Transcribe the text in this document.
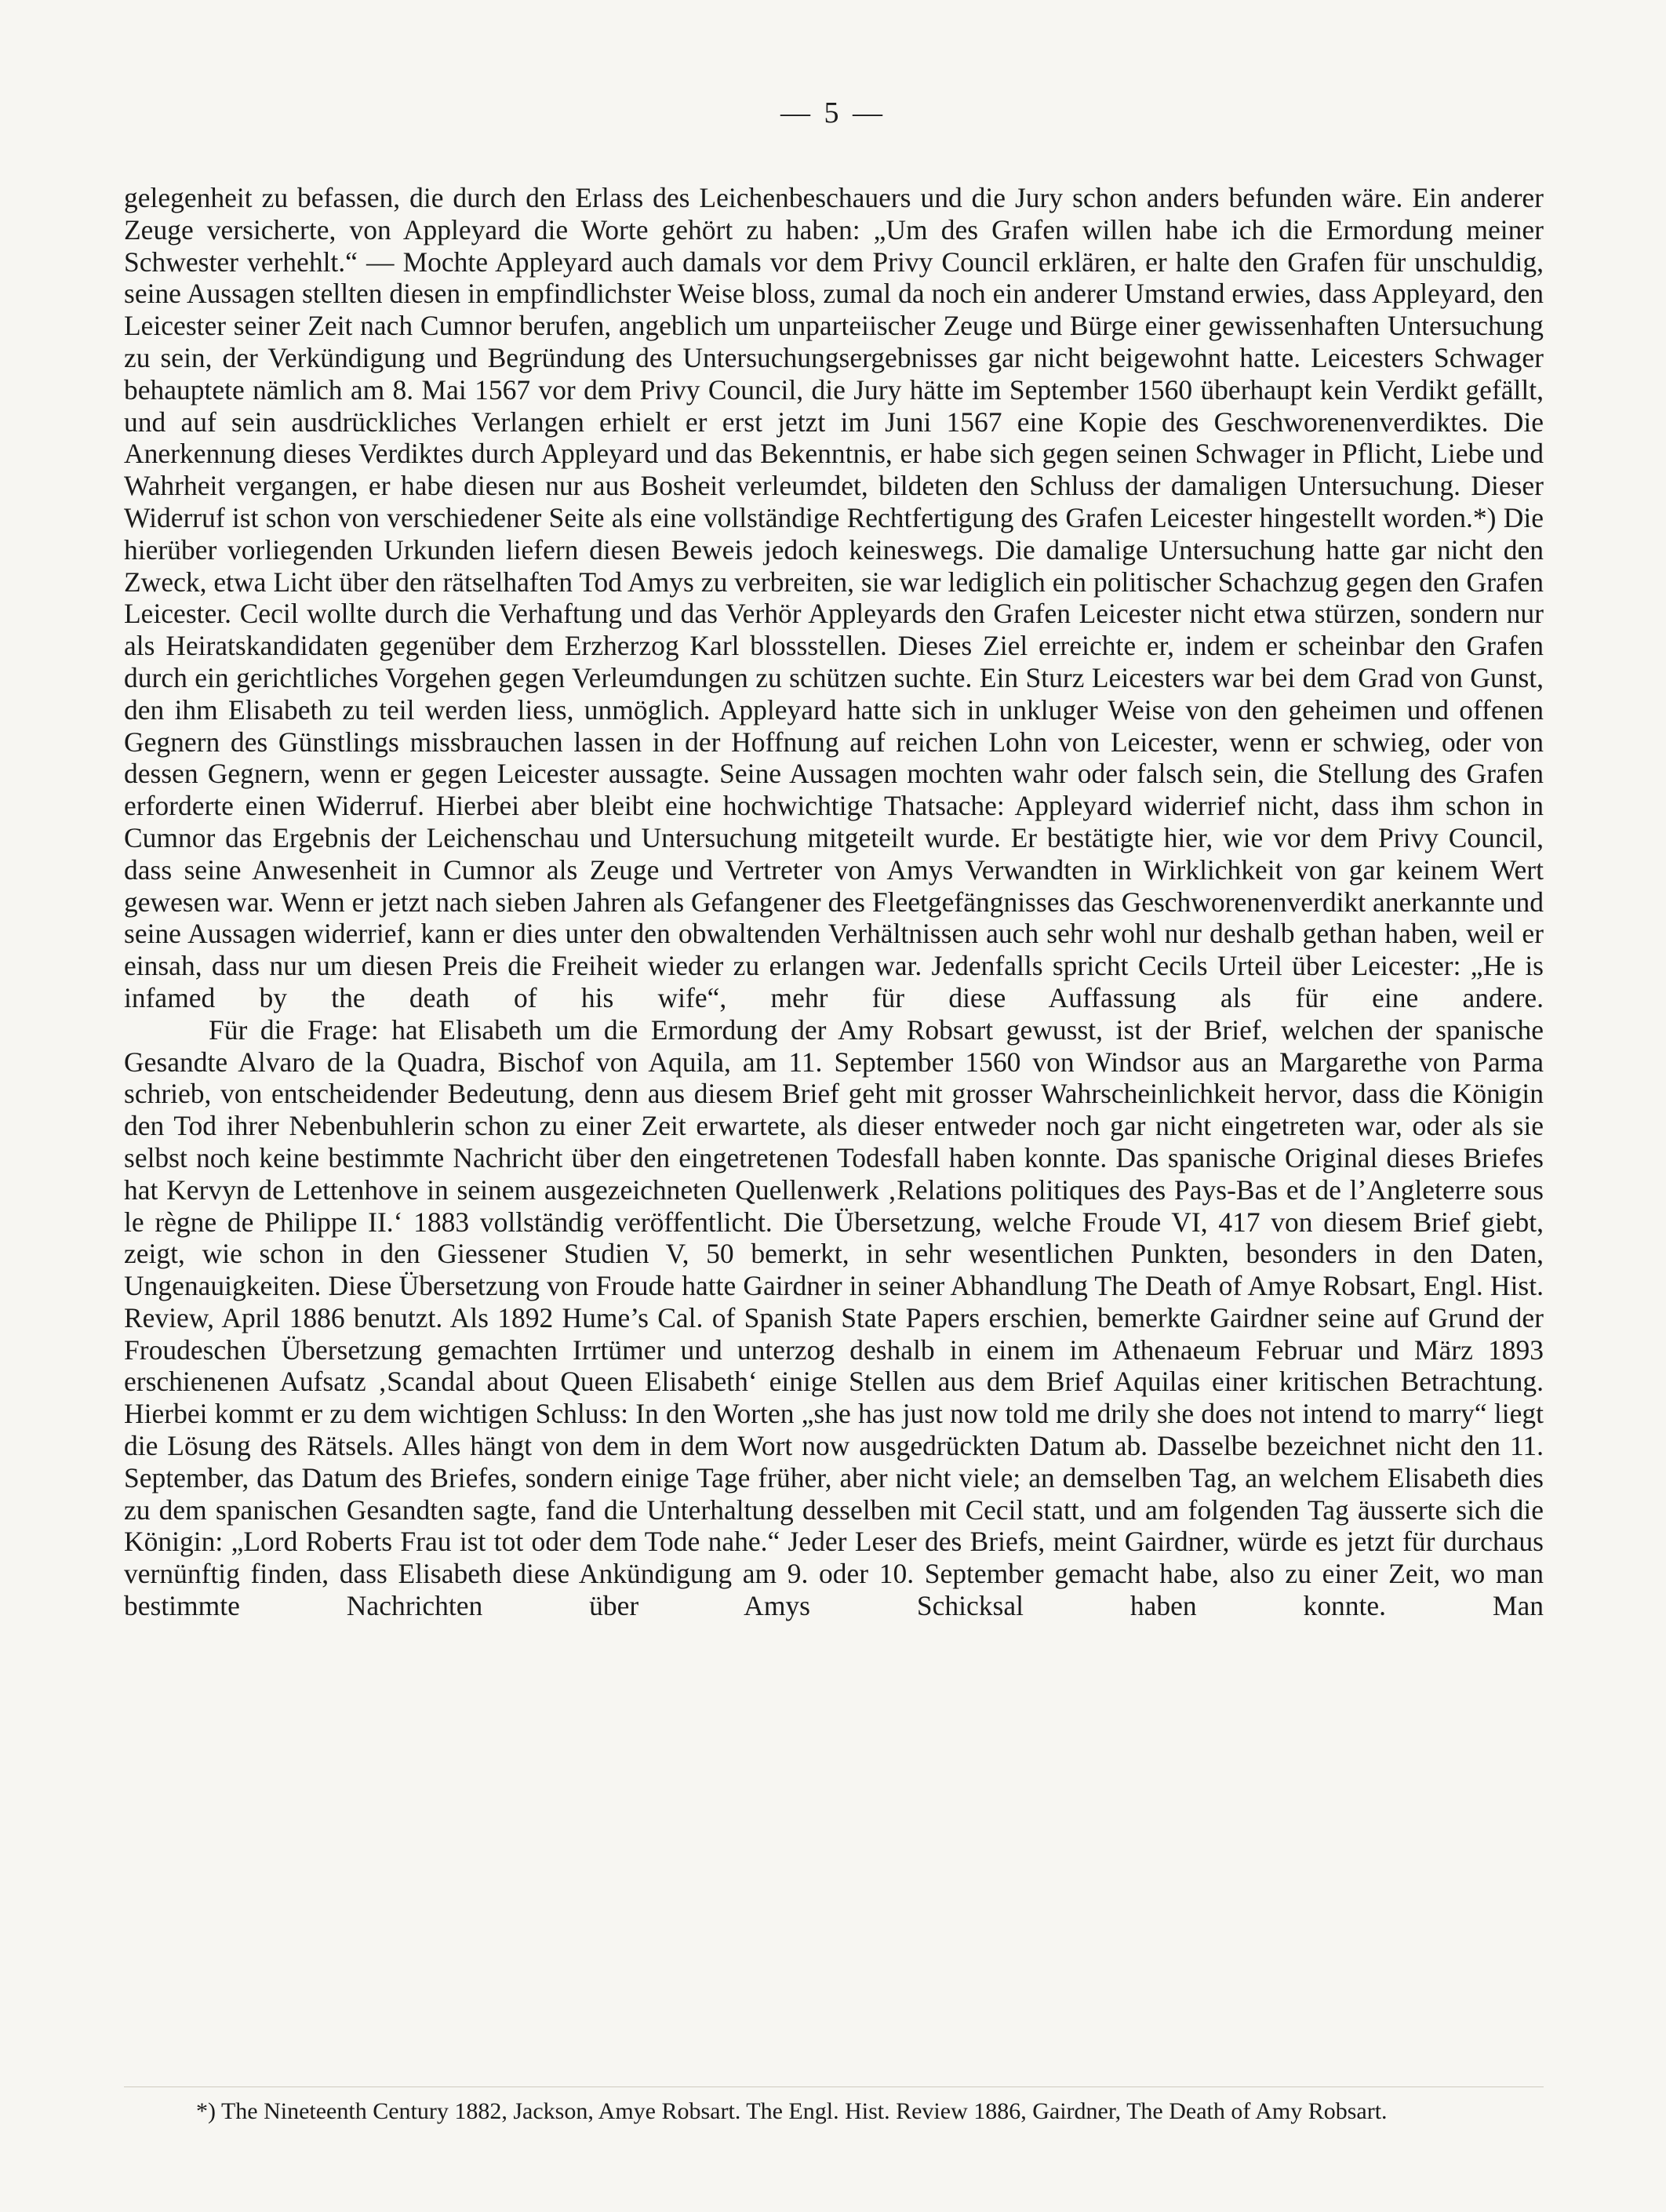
— 5 —

gelegenheit zu befassen, die durch den Erlass des Leichenbeschauers und die Jury schon anders befunden wäre. Ein anderer Zeuge versicherte, von Appleyard die Worte gehört zu haben: „Um des Grafen willen habe ich die Ermordung meiner Schwester verhehlt.“ — Mochte Appleyard auch damals vor dem Privy Council erklären, er halte den Grafen für unschuldig, seine Aussagen stellten diesen in empfindlichster Weise bloss, zumal da noch ein anderer Umstand erwies, dass Appleyard, den Leicester seiner Zeit nach Cumnor berufen, angeblich um unparteiischer Zeuge und Bürge einer gewissenhaften Untersuchung zu sein, der Verkündigung und Begründung des Untersuchungsergebnisses gar nicht beigewohnt hatte. Leicesters Schwager behauptete nämlich am 8. Mai 1567 vor dem Privy Council, die Jury hätte im September 1560 überhaupt kein Verdikt gefällt, und auf sein ausdrückliches Verlangen erhielt er erst jetzt im Juni 1567 eine Kopie des Geschworenenverdiktes. Die Anerkennung dieses Verdiktes durch Appleyard und das Bekenntnis, er habe sich gegen seinen Schwager in Pflicht, Liebe und Wahrheit vergangen, er habe diesen nur aus Bosheit verleumdet, bildeten den Schluss der damaligen Untersuchung. Dieser Widerruf ist schon von verschiedener Seite als eine vollständige Rechtfertigung des Grafen Leicester hingestellt worden.*) Die hierüber vorliegenden Urkunden liefern diesen Beweis jedoch keineswegs. Die damalige Untersuchung hatte gar nicht den Zweck, etwa Licht über den rätselhaften Tod Amys zu verbreiten, sie war lediglich ein politischer Schachzug gegen den Grafen Leicester. Cecil wollte durch die Verhaftung und das Verhör Appleyards den Grafen Leicester nicht etwa stürzen, sondern nur als Heiratskandidaten gegenüber dem Erzherzog Karl blossstellen. Dieses Ziel erreichte er, indem er scheinbar den Grafen durch ein gerichtliches Vorgehen gegen Verleumdungen zu schützen suchte. Ein Sturz Leicesters war bei dem Grad von Gunst, den ihm Elisabeth zu teil werden liess, unmöglich. Appleyard hatte sich in unkluger Weise von den geheimen und offenen Gegnern des Günstlings missbrauchen lassen in der Hoffnung auf reichen Lohn von Leicester, wenn er schwieg, oder von dessen Gegnern, wenn er gegen Leicester aussagte. Seine Aussagen mochten wahr oder falsch sein, die Stellung des Grafen erforderte einen Widerruf. Hierbei aber bleibt eine hochwichtige Thatsache: Appleyard widerrief nicht, dass ihm schon in Cumnor das Ergebnis der Leichenschau und Untersuchung mitgeteilt wurde. Er bestätigte hier, wie vor dem Privy Council, dass seine Anwesenheit in Cumnor als Zeuge und Vertreter von Amys Verwandten in Wirklichkeit von gar keinem Wert gewesen war. Wenn er jetzt nach sieben Jahren als Gefangener des Fleetgefängnisses das Geschworenenverdikt anerkannte und seine Aussagen widerrief, kann er dies unter den obwaltenden Verhältnissen auch sehr wohl nur deshalb gethan haben, weil er einsah, dass nur um diesen Preis die Freiheit wieder zu erlangen war. Jedenfalls spricht Cecils Urteil über Leicester: „He is infamed by the death of his wife“, mehr für diese Auffassung als für eine andere.

Für die Frage: hat Elisabeth um die Ermordung der Amy Robsart gewusst, ist der Brief, welchen der spanische Gesandte Alvaro de la Quadra, Bischof von Aquila, am 11. September 1560 von Windsor aus an Margarethe von Parma schrieb, von entscheidender Bedeutung, denn aus diesem Brief geht mit grosser Wahrscheinlichkeit hervor, dass die Königin den Tod ihrer Nebenbuhlerin schon zu einer Zeit erwartete, als dieser entweder noch gar nicht eingetreten war, oder als sie selbst noch keine bestimmte Nachricht über den eingetretenen Todesfall haben konnte. Das spanische Original dieses Briefes hat Kervyn de Lettenhove in seinem ausgezeichneten Quellenwerk ‚Relations politiques des Pays-Bas et de l’Angleterre sous le règne de Philippe II.‘ 1883 vollständig veröffentlicht. Die Übersetzung, welche Froude VI, 417 von diesem Brief giebt, zeigt, wie schon in den Giessener Studien V, 50 bemerkt, in sehr wesentlichen Punkten, besonders in den Daten, Ungenauigkeiten. Diese Übersetzung von Froude hatte Gairdner in seiner Abhandlung The Death of Amye Robsart, Engl. Hist. Review, April 1886 benutzt. Als 1892 Hume’s Cal. of Spanish State Papers erschien, bemerkte Gairdner seine auf Grund der Froudeschen Übersetzung gemachten Irrtümer und unterzog deshalb in einem im Athenaeum Februar und März 1893 erschienenen Aufsatz ‚Scandal about Queen Elisabeth‘ einige Stellen aus dem Brief Aquilas einer kritischen Betrachtung. Hierbei kommt er zu dem wichtigen Schluss: In den Worten „she has just now told me drily she does not intend to marry“ liegt die Lösung des Rätsels. Alles hängt von dem in dem Wort now ausgedrückten Datum ab. Dasselbe bezeichnet nicht den 11. September, das Datum des Briefes, sondern einige Tage früher, aber nicht viele; an demselben Tag, an welchem Elisabeth dies zu dem spanischen Gesandten sagte, fand die Unterhaltung desselben mit Cecil statt, und am folgenden Tag äusserte sich die Königin: „Lord Roberts Frau ist tot oder dem Tode nahe.“ Jeder Leser des Briefs, meint Gairdner, würde es jetzt für durchaus vernünftig finden, dass Elisabeth diese Ankündigung am 9. oder 10. September gemacht habe, also zu einer Zeit, wo man bestimmte Nachrichten über Amys Schicksal haben konnte. Man

*) The Nineteenth Century 1882, Jackson, Amye Robsart. The Engl. Hist. Review 1886, Gairdner, The Death of Amy Robsart.
